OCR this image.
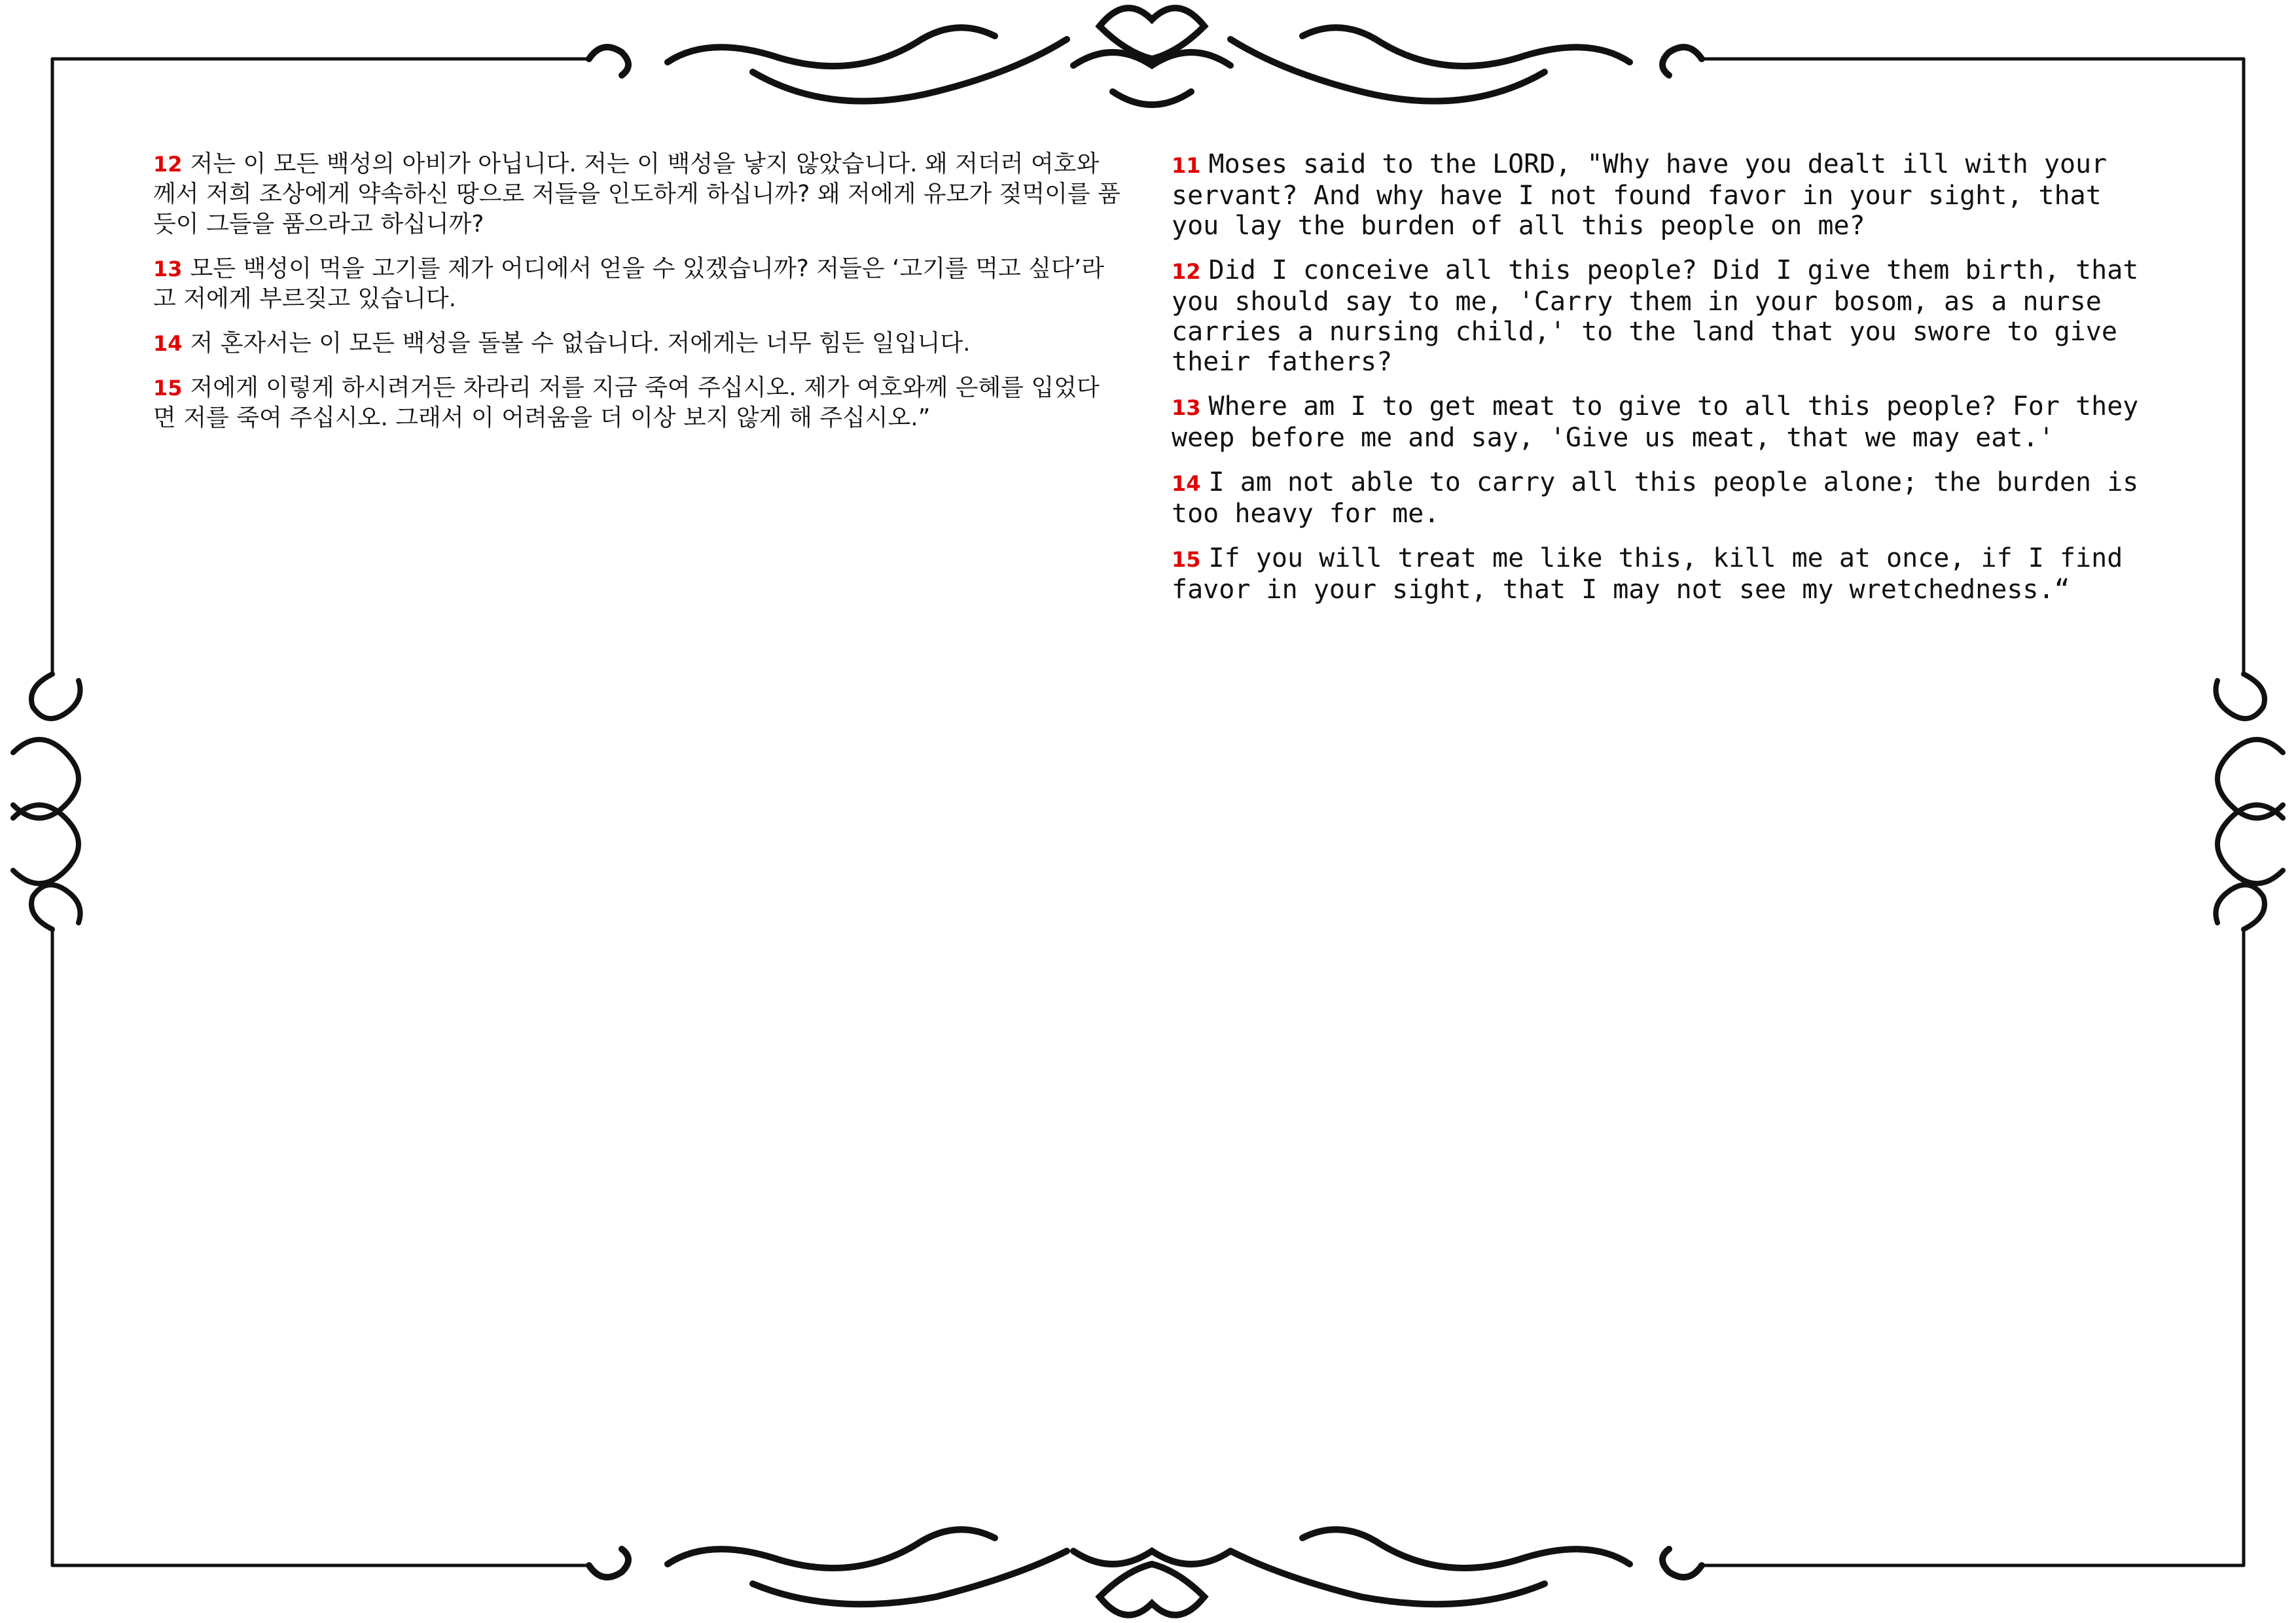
12 저는 이 모든 백성의 아비가 아닙니다. 저는 이 백성을 낳지 않았습니다. 왜 저더러 여호와께서 저희 조상에게 약속하신 땅으로 저들을 인도하게 하십니까? 왜 저에게 유모가 젖먹이를 품듯이 그들을 품으라고 하십니까?

13 모든 백성이 먹을 고기를 제가 어디에서 얻을 수 있겠습니까? 저들은 ‘고기를 먹고 싶다’라고 저에게 부르짖고 있습니다.

14 저 혼자서는 이 모든 백성을 돌볼 수 없습니다. 저에게는 너무 힘든 일입니다.

15 저에게 이렇게 하시려거든 차라리 저를 지금 죽여 주십시오. 제가 여호와께 은혜를 입었다면 저를 죽여 주십시오. 그래서 이 어려움을 더 이상 보지 않게 해 주십시오.”

11 Moses said to the LORD, "Why have you dealt ill with your servant? And why have I not found favor in your sight, that you lay the burden of all this people on me?

12 Did I conceive all this people? Did I give them birth, that you should say to me, 'Carry them in your bosom, as a nurse carries a nursing child,' to the land that you swore to give their fathers?

13 Where am I to get meat to give to all this people? For they weep before me and say, 'Give us meat, that we may eat.'

14 I am not able to carry all this people alone; the burden is too heavy for me.

15 If you will treat me like this, kill me at once, if I find favor in your sight, that I may not see my wretchedness.“
